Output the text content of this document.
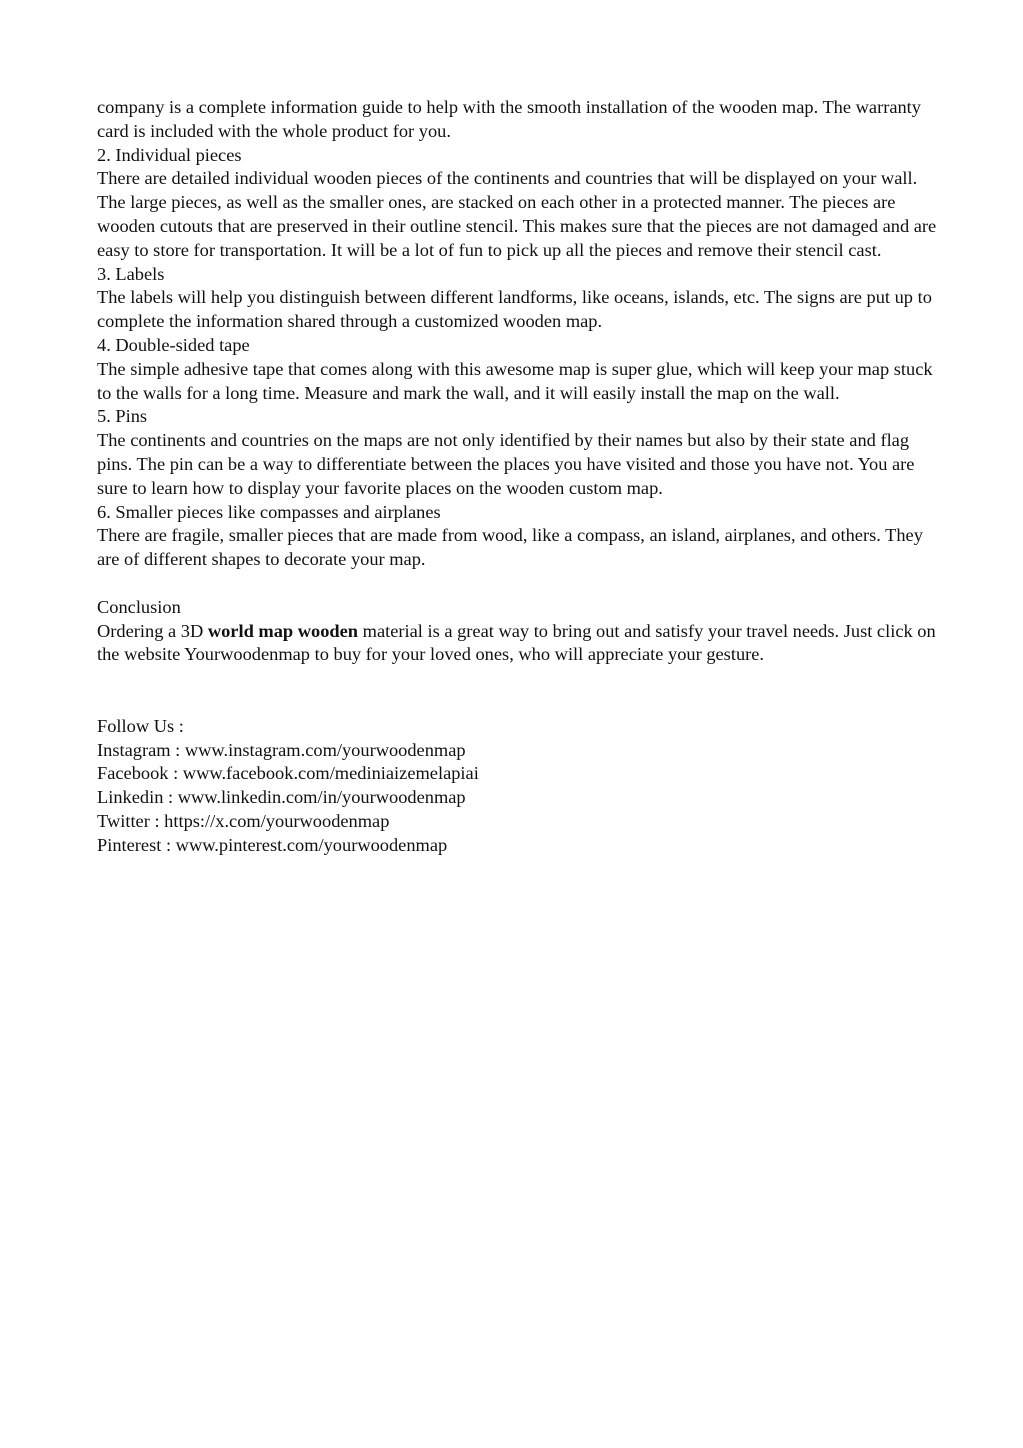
company is a complete information guide to help with the smooth installation of the wooden map. The warranty card is included with the whole product for you.

2. Individual pieces

There are detailed individual wooden pieces of the continents and countries that will be displayed on your wall. The large pieces, as well as the smaller ones, are stacked on each other in a protected manner. The pieces are wooden cutouts that are preserved in their outline stencil. This makes sure that the pieces are not damaged and are easy to store for transportation. It will be a lot of fun to pick up all the pieces and remove their stencil cast.

3. Labels

The labels will help you distinguish between different landforms, like oceans, islands, etc. The signs are put up to complete the information shared through a customized wooden map.

4. Double-sided tape

The simple adhesive tape that comes along with this awesome map is super glue, which will keep your map stuck to the walls for a long time. Measure and mark the wall, and it will easily install the map on the wall.

5. Pins

The continents and countries on the maps are not only identified by their names but also by their state and flag pins. The pin can be a way to differentiate between the places you have visited and those you have not. You are sure to learn how to display your favorite places on the wooden custom map.

6. Smaller pieces like compasses and airplanes

There are fragile, smaller pieces that are made from wood, like a compass, an island, airplanes, and others. They are of different shapes to decorate your map.

Conclusion

Ordering a 3D world map wooden material is a great way to bring out and satisfy your travel needs. Just click on the website Yourwoodenmap to buy for your loved ones, who will appreciate your gesture.

Follow Us :

Instagram : www.instagram.com/yourwoodenmap

Facebook : www.facebook.com/mediniaizemelapiai

Linkedin : www.linkedin.com/in/yourwoodenmap

Twitter : https://x.com/yourwoodenmap

Pinterest : www.pinterest.com/yourwoodenmap
